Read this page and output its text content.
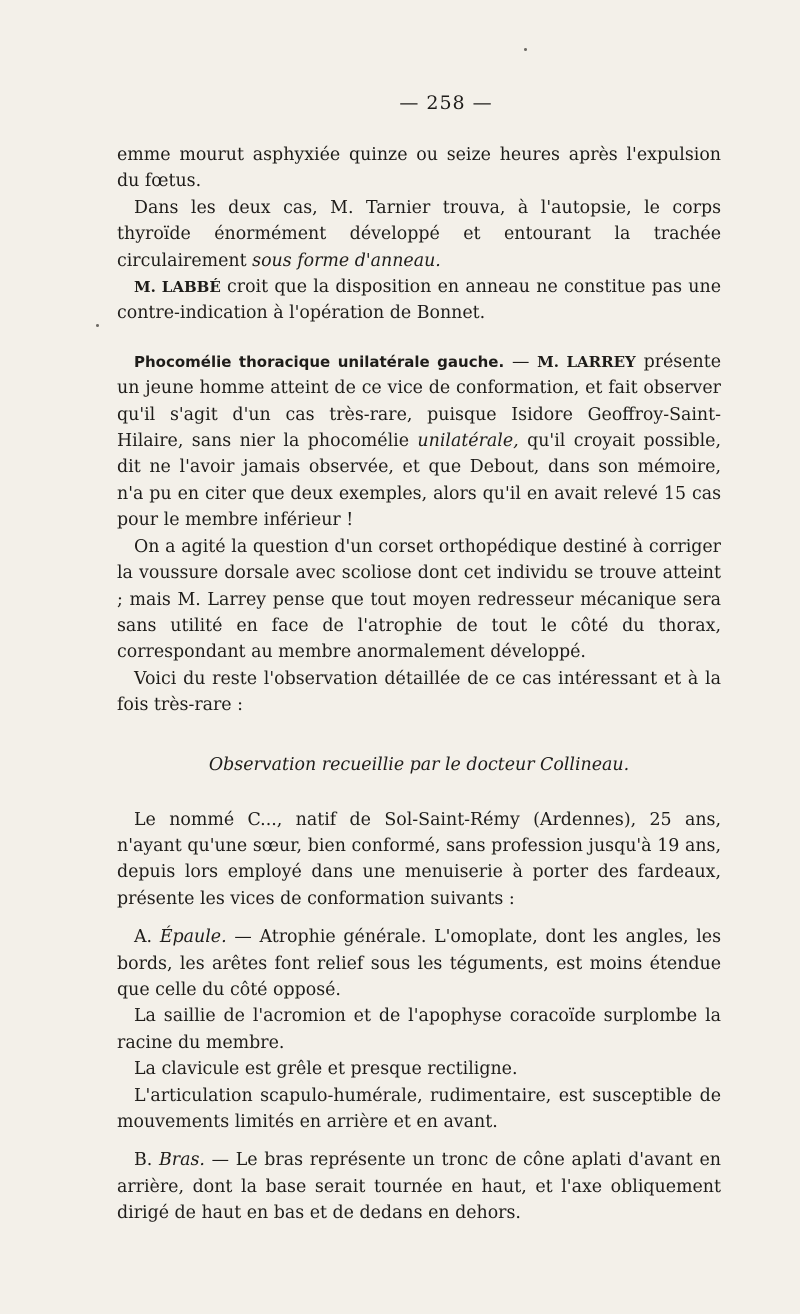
— 258 —

emme mourut asphyxiée quinze ou seize heures après l'expulsion du fœtus.

Dans les deux cas, M. Tarnier trouva, à l'autopsie, le corps thyroïde énormément développé et entourant la trachée circulairement sous forme d'anneau.

M. LABBÉ croit que la disposition en anneau ne constitue pas une contre-indication à l'opération de Bonnet.

Phocomélie thoracique unilatérale gauche. — M. LARREY présente un jeune homme atteint de ce vice de conformation, et fait observer qu'il s'agit d'un cas très-rare, puisque Isidore Geoffroy-Saint-Hilaire, sans nier la phocomélie unilatérale, qu'il croyait possible, dit ne l'avoir jamais observée, et que Debout, dans son mémoire, n'a pu en citer que deux exemples, alors qu'il en avait relevé 15 cas pour le membre inférieur !

On a agité la question d'un corset orthopédique destiné à corriger la voussure dorsale avec scoliose dont cet individu se trouve atteint ; mais M. Larrey pense que tout moyen redresseur mécanique sera sans utilité en face de l'atrophie de tout le côté du thorax, correspondant au membre anormalement développé.

Voici du reste l'observation détaillée de ce cas intéressant et à la fois très-rare :

Observation recueillie par le docteur Collineau.

Le nommé C..., natif de Sol-Saint-Rémy (Ardennes), 25 ans, n'ayant qu'une sœur, bien conformé, sans profession jusqu'à 19 ans, depuis lors employé dans une menuiserie à porter des fardeaux, présente les vices de conformation suivants :

A. Épaule. — Atrophie générale. L'omoplate, dont les angles, les bords, les arêtes font relief sous les téguments, est moins étendue que celle du côté opposé.

La saillie de l'acromion et de l'apophyse coracoïde surplombe la racine du membre.

La clavicule est grêle et presque rectiligne.

L'articulation scapulo-humérale, rudimentaire, est susceptible de mouvements limités en arrière et en avant.

B. Bras. — Le bras représente un tronc de cône aplati d'avant en arrière, dont la base serait tournée en haut, et l'axe obliquement dirigé de haut en bas et de dedans en dehors.
